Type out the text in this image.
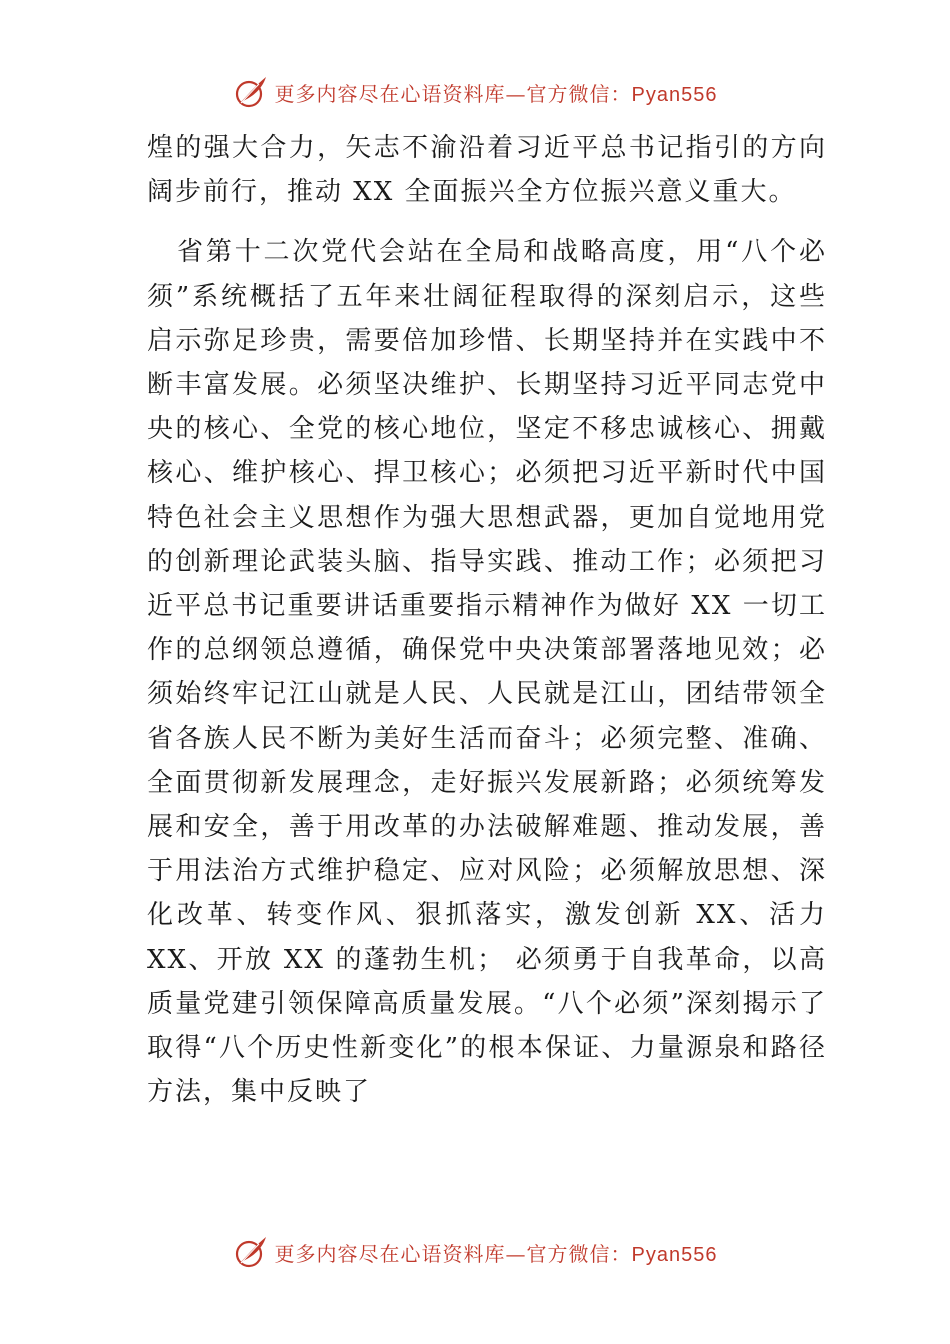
更多内容尽在心语资料库—官方微信：Pyan556

煌的强大合力，矢志不渝沿着习近平总书记指引的方向阔步前行，推动 XX 全面振兴全方位振兴意义重大。

省第十二次党代会站在全局和战略高度，用“八个必须”系统概括了五年来壮阔征程取得的深刻启示，这些启示弥足珍贵，需要倍加珍惜、长期坚持并在实践中不断丰富发展。必须坚决维护、长期坚持习近平同志党中央的核心、全党的核心地位，坚定不移忠诚核心、拥戴核心、维护核心、捍卫核心；必须把习近平新时代中国特色社会主义思想作为强大思想武器，更加自觉地用党的创新理论武装头脑、指导实践、推动工作；必须把习近平总书记重要讲话重要指示精神作为做好 XX 一切工作的总纲领总遵循，确保党中央决策部署落地见效；必须始终牢记江山就是人民、人民就是江山，团结带领全省各族人民不断为美好生活而奋斗；必须完整、准确、全面贯彻新发展理念，走好振兴发展新路；必须统筹发展和安全，善于用改革的办法破解难题、推动发展，善于用法治方式维护稳定、应对风险；必须解放思想、深化改革、转变作风、狠抓落实，激发创新 XX、活力 XX、开放 XX 的蓬勃生机； 必须勇于自我革命，以高质量党建引领保障高质量发展。“八个必须”深刻揭示了取得“八个历史性新变化”的根本保证、力量源泉和路径方法，集中反映了

更多内容尽在心语资料库—官方微信：Pyan556
